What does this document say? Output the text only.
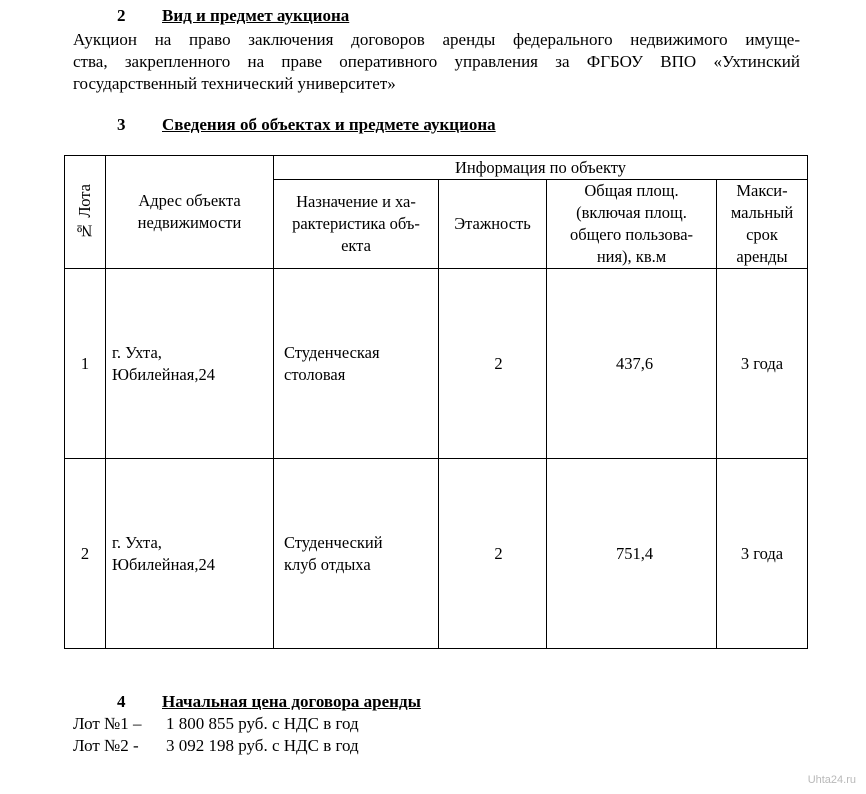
2 Вид и предмет аукциона
Аукцион на право заключения договоров аренды федерального недвижимого имуще-
ства, закрепленного на праве оперативного управления за ФГБОУ ВПО «Ухтинский
государственный технический университет»
3 Сведения об объектах и предмете аукциона
№ Лота	Адрес объекта недвижимости	Информация по объекту			

		Назначение и ха-рактеристика объ-екта	Этажность	Общая площ. (включая площ. общего пользова-ния), кв.м	Макси-мальный срок аренды

1	г. Ухта,
Юбилейная,24	Студенческая
столовая	2	437,6	3 года
2	г. Ухта,
Юбилейная,24	Студенческий
клуб отдыха	2	751,4	3 года
4 Начальная цена договора аренды
Лот №1 – 1 800 855 руб. с НДС в год
Лот №2 - 3 092 198 руб. с НДС в год
Uhta24.ru
